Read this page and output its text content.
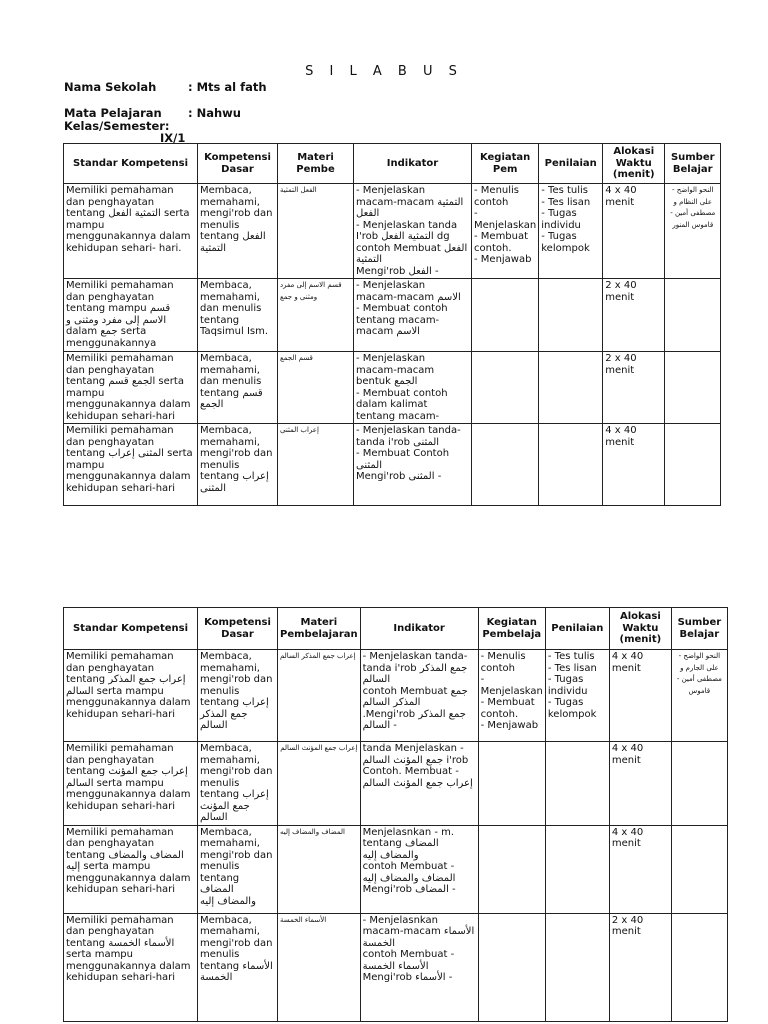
S I L A B U S
Nama Sekolah	: Mts al fath
Mata Pelajaran : Nahwu
Kelas/Semester:
IX/1
Standar Kompetensi	Kompetensi Dasar	Materi Pembe	Indikator	Kegiatan Pem	Penilaian	Alokasi Waktu (menit)	Sumber Belajar
Memiliki pemahaman dan penghayatan tentang التمثية الفعل serta mampu menggunakannya dalam kehidupan sehari- hari.	Membaca, memahami, mengi'rob dan menulis tentang الفعل التمثية	الفعل التمثية	- Menjelaskan macam-macam التمثية الفعل
- Menjelaskan tanda I'rob التمثية الفعل dg contoh Membuat الفعل التمثية
Mengi'rob الفعل -	- Menulis contoh
- Menjelaskan
- Membuat contoh.
- Menjawab	- Tes tulis
- Tes lisan
- Tugas individu
- Tugas kelompok	4 x 40 menit	- النحو الواضح على النظام و مصطفى أمين - قاموس المنور
Memiliki pemahaman dan penghayatan tentang mampu قسم الاسم إلى مفرد ومثنى و dalam جمع serta menggunakannya	Membaca, memahami, dan menulis tentang Taqsimul Ism.	قسم الاسم إلى مفرد ومثنى و جمع	- Menjelaskan macam-macam الاسم
- Membuat contoh tentang macam-macam الاسم			2 x 40 menit	
Memiliki pemahaman dan penghayatan tentang الجمع قسم serta mampu menggunakannya dalam kehidupan sehari-hari	Membaca, memahami, dan menulis tentang قسم الجمع	قسم الجمع	- Menjelaskan macam-macam bentuk الجمع
- Membuat contoh dalam kalimat tentang macam-			2 x 40 menit	
Memiliki pemahaman dan penghayatan tentang المثنى إعراب serta mampu menggunakannya dalam kehidupan sehari-hari	Membaca, memahami, mengi'rob dan menulis tentang إعراب المثنى	إعراب المثنى	- Menjelaskan tanda-tanda i'rob المثنى
- Membuat Contoh المثنى
Mengi'rob المثنى -			4 x 40 menit	
Standar Kompetensi	Kompetensi Dasar	Materi Pembelajaran	Indikator	Kegiatan Pembelaja	Penilaian	Alokasi Waktu (menit)	Sumber Belajar
Memiliki pemahaman dan penghayatan tentang إعراب جمع المذكر السالم serta mampu menggunakannya dalam kehidupan sehari-hari	Membaca, memahami, mengi'rob dan menulis tentang إعراب جمع المذكر السالم	إعراب جمع المذكر السالم	- Menjelaskan tanda-tanda i'rob جمع المذكر السالم
contoh Membuat جمع المذكر السالم
.Mengi'rob جمع المذكر السالم -	- Menulis contoh
- Menjelaskan
- Membuat contoh.
- Menjawab	- Tes tulis
- Tes lisan
- Tugas individu
- Tugas kelompok	4 x 40 menit	- النحو الواضح على الجارم و مصطفى أمين - قاموس
Memiliki pemahaman dan penghayatan tentang إعراب جمع المؤنث السالم serta mampu menggunakannya dalam kehidupan sehari-hari	Membaca, memahami, mengi'rob dan menulis tentang إعراب جمع المؤنث السالم	إعراب جمع المؤنث السالم	tanda Menjelaskan - جمع المؤنث السالم i'rob Contoh. Membuat - إعراب جمع المؤنث السالم			4 x 40 menit	
Memiliki pemahaman dan penghayatan tentang المضاف والمضاف إليه serta mampu menggunakannya dalam kehidupan sehari-hari	Membaca, memahami, mengi'rob dan menulis tentang المضاف والمضاف إليه	المضاف والمضاف إليه	Menjelasnkan - m. tentang المضاف والمضاف إليه
contoh Membuat - المضاف والمضاف إليه
Mengi'rob المضاف -			4 x 40 menit	
Memiliki pemahaman dan penghayatan tentang الأسماء الخمسة serta mampu menggunakannya dalam kehidupan sehari-hari	Membaca, memahami, mengi'rob dan menulis tentang الأسماء الخمسة	الأسماء الخمسة	- Menjelasnkan macam-macam الأسماء الخمسة
contoh Membuat - الأسماء الخمسة
Mengi'rob الأسماء -			2 x 40 menit	
